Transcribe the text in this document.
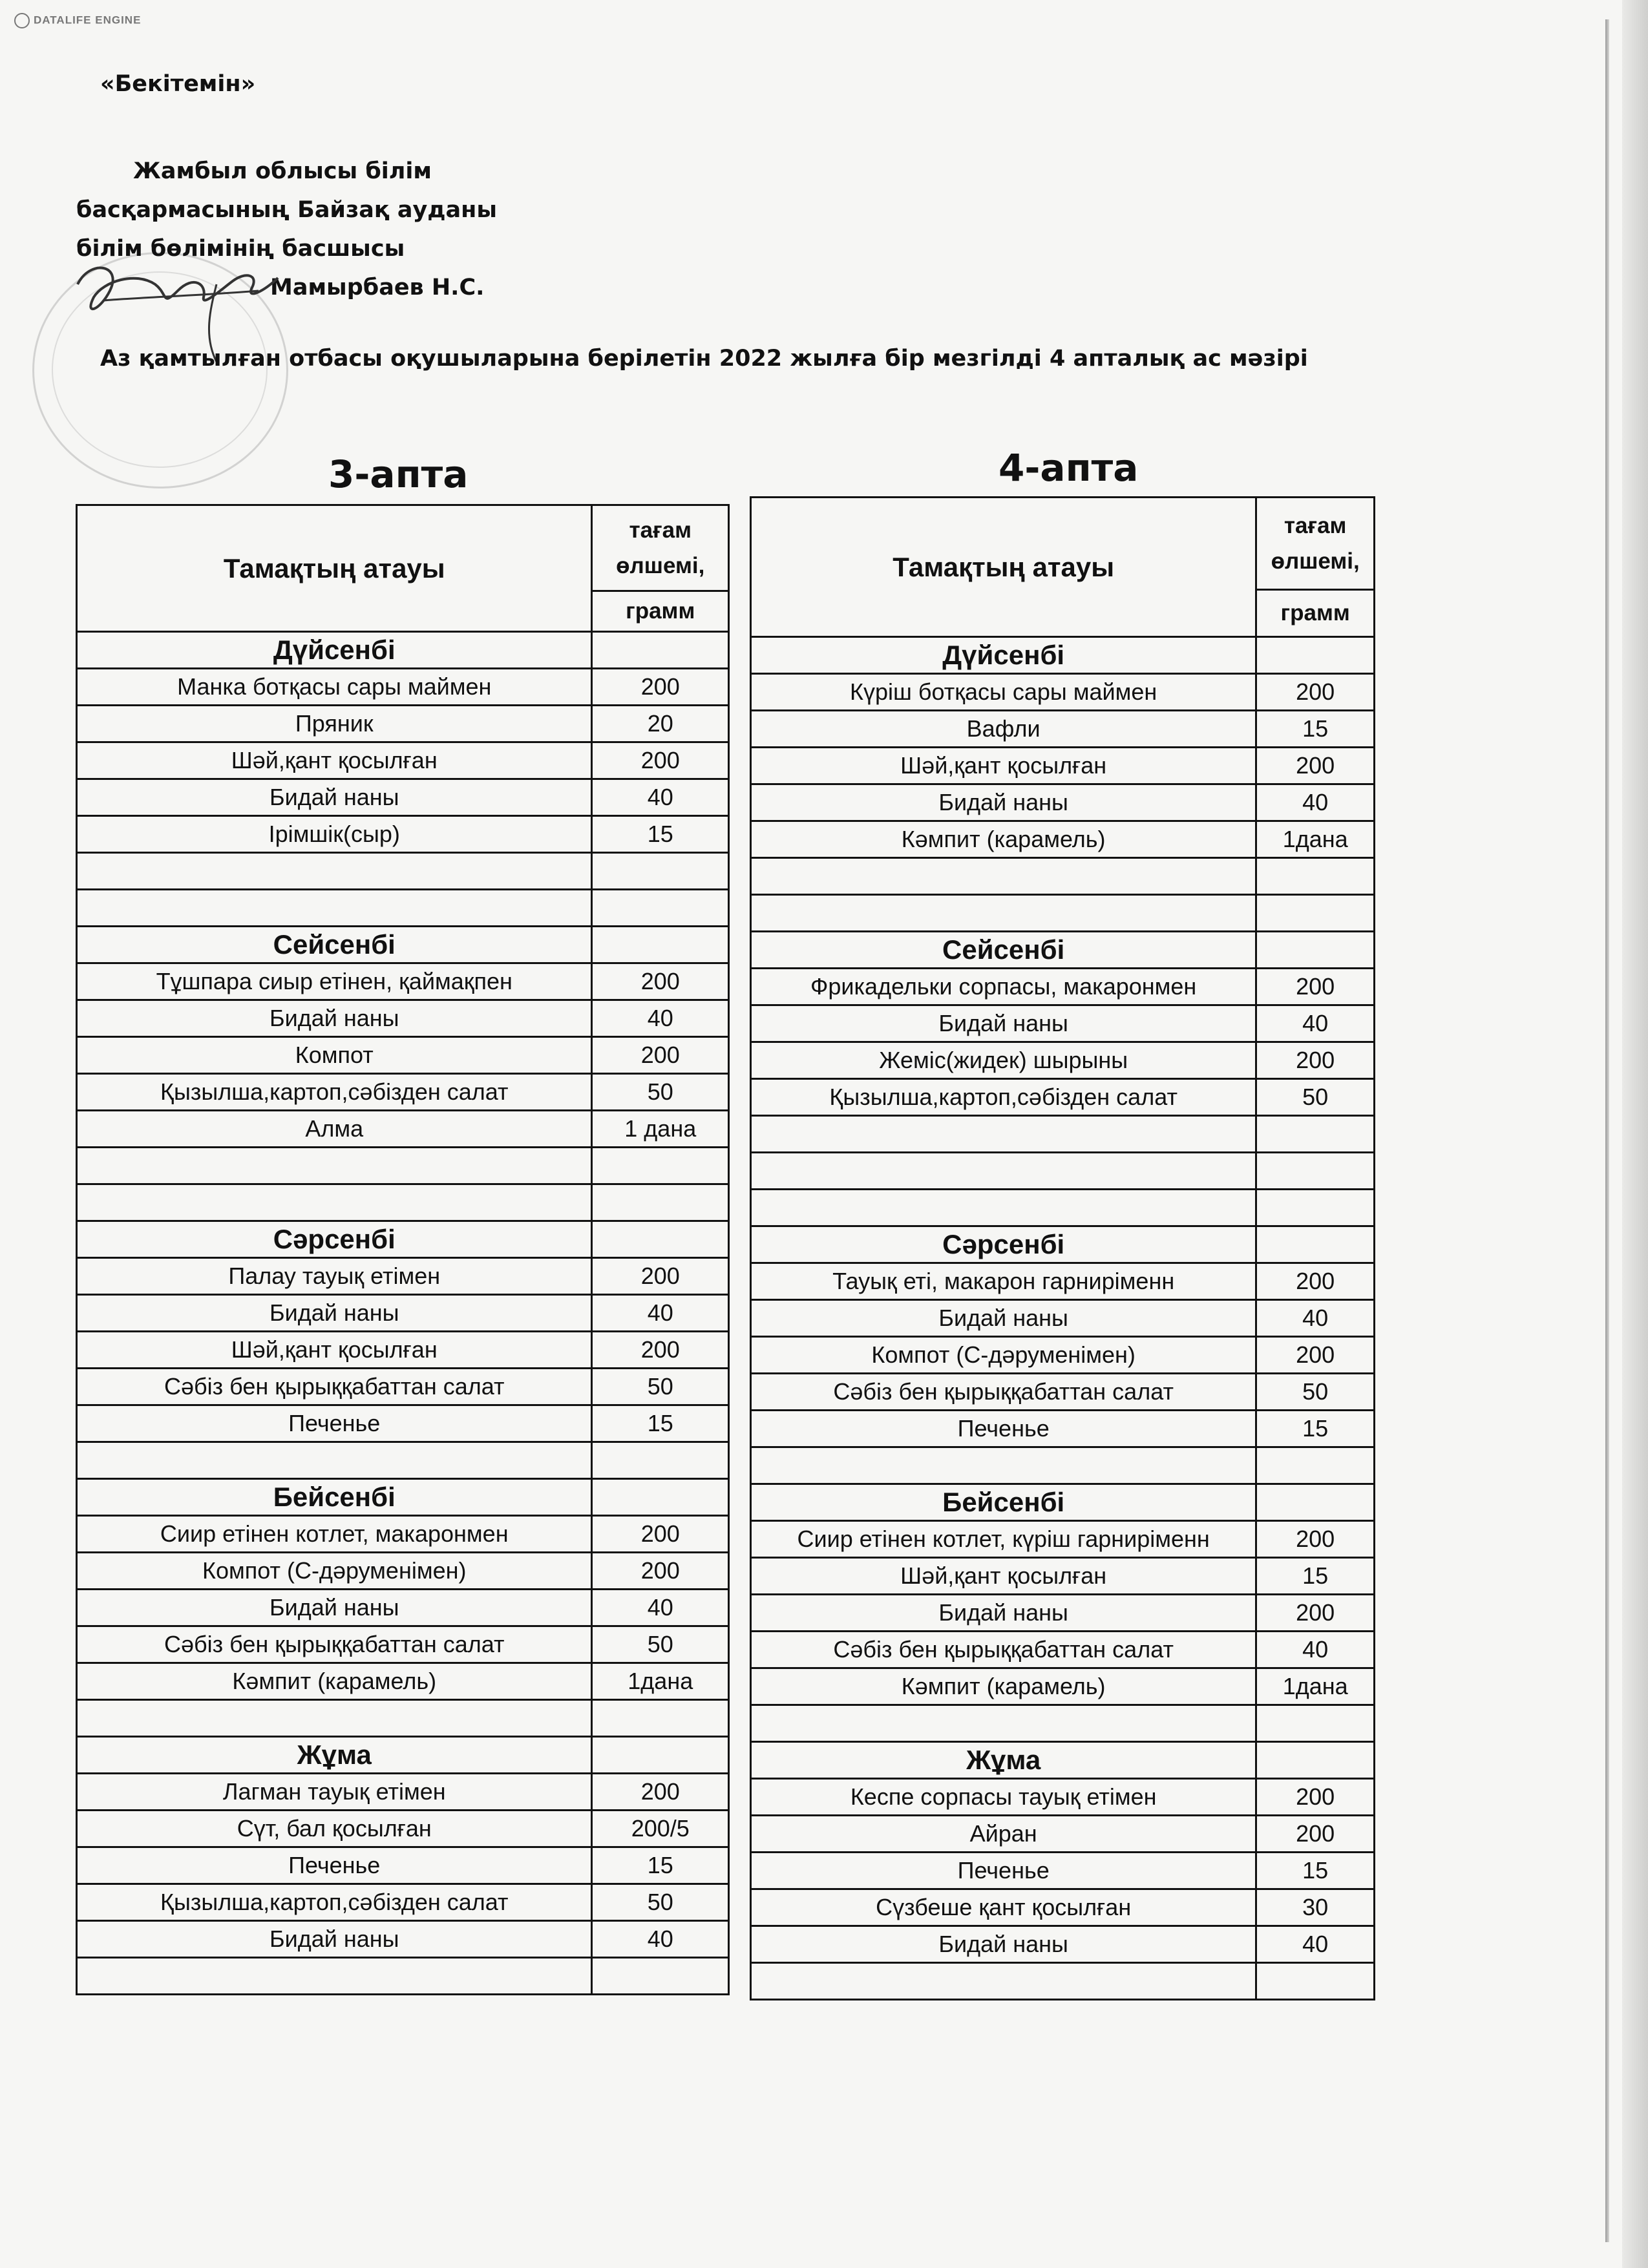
DATALIFE ENGINE
«Бекітемін»
Жамбыл облысы білім
басқармасының Байзақ ауданы
білім бөлімінің басшысы
Мамырбаев Н.С.
Аз қамтылған отбасы оқушыларына берілетін 2022 жылға бір мезгілді 4 апталық ас мәзірі
3-апта	4-апта
Тамақтың атауы	тағам өлшемі,
	грамм
Дүйсенбі	
Манка ботқасы сары маймен	200
Пряник	20
Шәй,қант қосылған	200
Бидай наны	40
Ірімшік(сыр)	15

Сейсенбі	
Тұшпара сиыр етінен, қаймақпен	200
Бидай наны	40
Компот	200
Қызылша,картоп,сәбізден салат	50
Алма	1 дана

Сәрсенбі	
Палау тауық етімен	200
Бидай наны	40
Шәй,қант қосылған	200
Сәбіз бен қырыққабаттан салат	50
Печенье	15

Бейсенбі	
Сиир етінен котлет, макаронмен	200
Компот (С-дәруменімен)	200
Бидай наны	40
Сәбіз бен қырыққабаттан салат	50
Кәмпит (карамель)	1дана

Жұма	
Лагман тауық етімен	200
Сүт, бал қосылған	200/5
Печенье	15
Қызылша,картоп,сәбізден салат	50
Бидай наны	40

Тамақтың атауы	тағам өлшемі,
	грамм
Дүйсенбі	
Күріш ботқасы сары маймен	200
Вафли	15
Шәй,қант қосылған	200
Бидай наны	40
Кәмпит (карамель)	1дана

Сейсенбі	
Фрикадельки сорпасы, макаронмен	200
Бидай наны	40
Жеміс(жидек) шырыны	200
Қызылша,картоп,сәбізден салат	50

Сәрсенбі	
Тауық еті, макарон гарниріменн	200
Бидай наны	40
Компот (С-дәруменімен)	200
Сәбіз бен қырыққабаттан салат	50
Печенье	15

Бейсенбі	
Сиир етінен котлет, күріш гарниріменн	200
Шәй,қант қосылған	15
Бидай наны	200
Сәбіз бен қырыққабаттан салат	40
Кәмпит (карамель)	1дана

Жұма	
Кеспе сорпасы тауық етімен	200
Айран	200
Печенье	15
Сүзбеше қант қосылған	30
Бидай наны	40
